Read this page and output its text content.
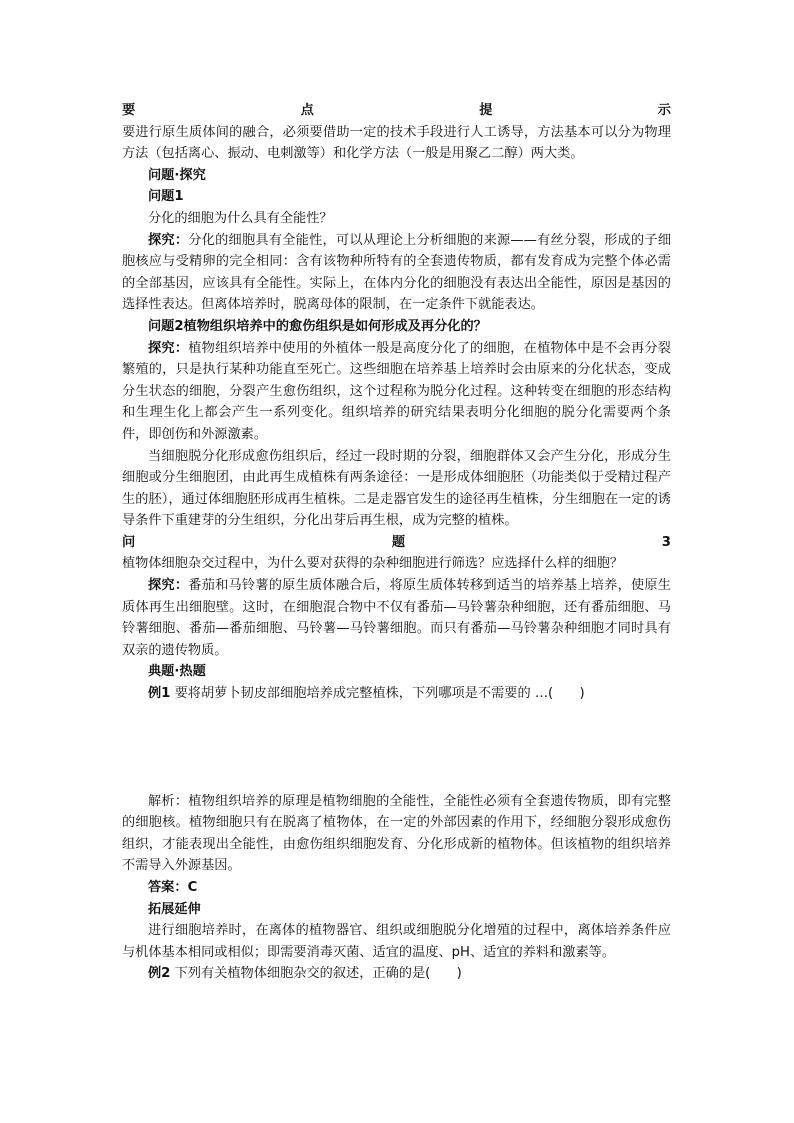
要点提示

要进行原生质体间的融合，必须要借助一定的技术手段进行人工诱导，方法基本可以分为物理方法（包括离心、振动、电刺激等）和化学方法（一般是用聚乙二醇）两大类。

问题·探究

问题1

分化的细胞为什么具有全能性？

探究：分化的细胞具有全能性，可以从理论上分析细胞的来源——有丝分裂，形成的子细胞核应与受精卵的完全相同：含有该物种所特有的全套遗传物质，都有发育成为完整个体必需的全部基因，应该具有全能性。实际上，在体内分化的细胞没有表达出全能性，原因是基因的选择性表达。但离体培养时，脱离母体的限制，在一定条件下就能表达。

问题2植物组织培养中的愈伤组织是如何形成及再分化的？

探究：植物组织培养中使用的外植体一般是高度分化了的细胞，在植物体中是不会再分裂繁殖的，只是执行某种功能直至死亡。这些细胞在培养基上培养时会由原来的分化状态，变成分生状态的细胞，分裂产生愈伤组织，这个过程称为脱分化过程。这种转变在细胞的形态结构和生理生化上都会产生一系列变化。组织培养的研究结果表明分化细胞的脱分化需要两个条件，即创伤和外源激素。

当细胞脱分化形成愈伤组织后，经过一段时期的分裂，细胞群体又会产生分化，形成分生细胞或分生细胞团，由此再生成植株有两条途径：一是形成体细胞胚（功能类似于受精过程产生的胚），通过体细胞胚形成再生植株。二是走器官发生的途径再生植株，分生细胞在一定的诱导条件下重建芽的分生组织，分化出芽后再生根，成为完整的植株。

问题3

植物体细胞杂交过程中，为什么要对获得的杂种细胞进行筛选？应选择什么样的细胞？

探究：番茄和马铃薯的原生质体融合后，将原生质体转移到适当的培养基上培养，使原生质体再生出细胞壁。这时，在细胞混合物中不仅有番茄—马铃薯杂种细胞，还有番茄细胞、马铃薯细胞、番茄—番茄细胞、马铃薯—马铃薯细胞。而只有番茄—马铃薯杂种细胞才同时具有双亲的遗传物质。

典题·热题

例1 要将胡萝卜韧皮部细胞培养成完整植株，下列哪项是不需要的 …(　　)

解析：植物组织培养的原理是植物细胞的全能性，全能性必须有全套遗传物质，即有完整的细胞核。植物细胞只有在脱离了植物体，在一定的外部因素的作用下，经细胞分裂形成愈伤组织，才能表现出全能性，由愈伤组织细胞发育、分化形成新的植物体。但该植物的组织培养不需导入外源基因。

答案：C

拓展延伸

进行细胞培养时，在离体的植物器官、组织或细胞脱分化增殖的过程中，离体培养条件应与机体基本相同或相似；即需要消毒灭菌、适宜的温度、pH、适宜的养料和激素等。

例2 下列有关植物体细胞杂交的叙述，正确的是(　　)
